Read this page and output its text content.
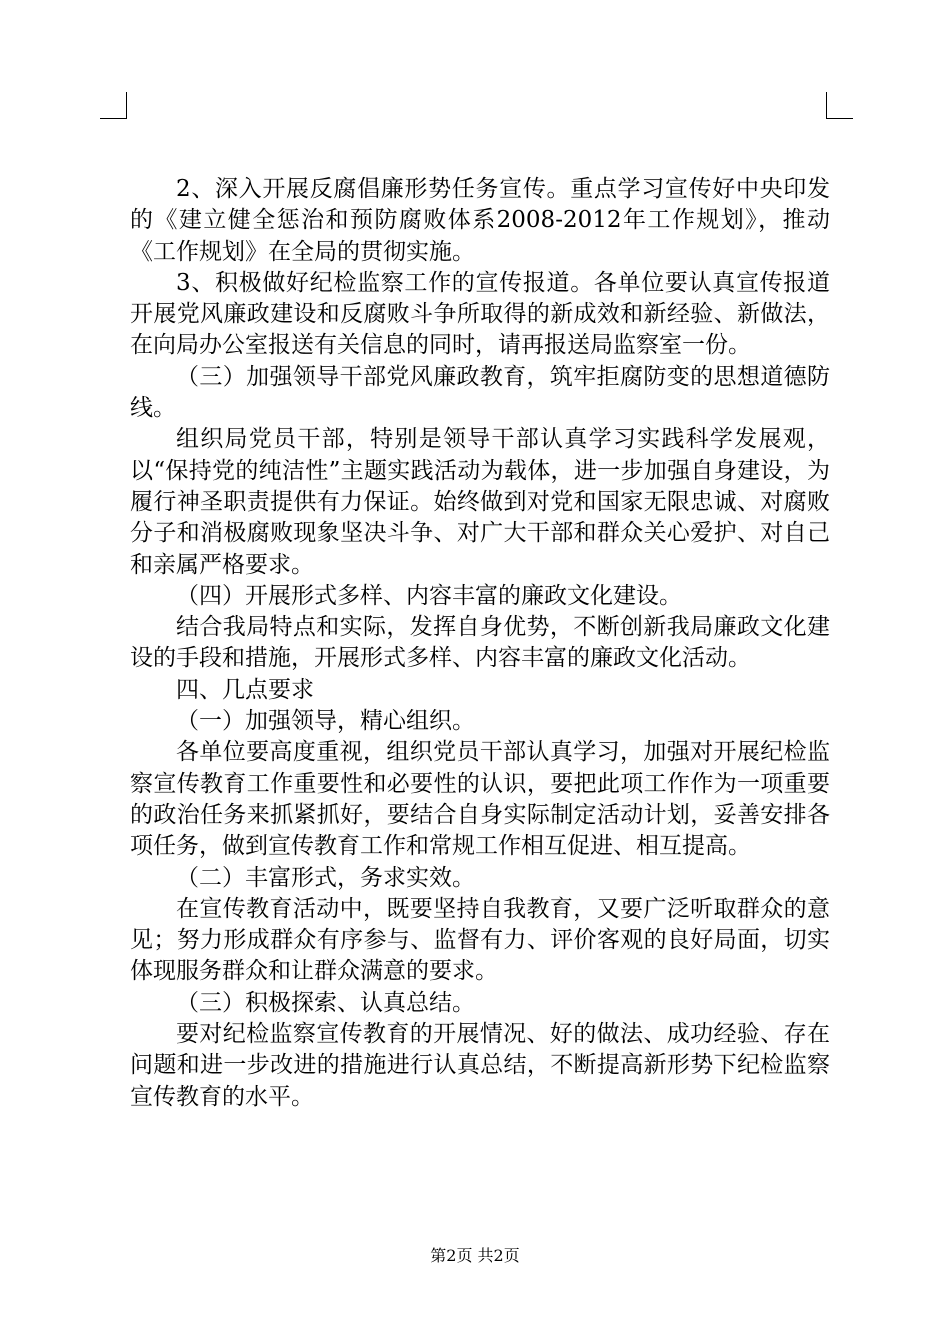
2、深入开展反腐倡廉形势任务宣传。重点学习宣传好中央印发的《建立健全惩治和预防腐败体系2008-2012年工作规划》，推动《工作规划》在全局的贯彻实施。

3、积极做好纪检监察工作的宣传报道。各单位要认真宣传报道开展党风廉政建设和反腐败斗争所取得的新成效和新经验、新做法，在向局办公室报送有关信息的同时，请再报送局监察室一份。

（三）加强领导干部党风廉政教育，筑牢拒腐防变的思想道德防线。

组织局党员干部，特别是领导干部认真学习实践科学发展观，以“保持党的纯洁性”主题实践活动为载体，进一步加强自身建设，为履行神圣职责提供有力保证。始终做到对党和国家无限忠诚、对腐败分子和消极腐败现象坚决斗争、对广大干部和群众关心爱护、对自己和亲属严格要求。

（四）开展形式多样、内容丰富的廉政文化建设。

结合我局特点和实际，发挥自身优势，不断创新我局廉政文化建设的手段和措施，开展形式多样、内容丰富的廉政文化活动。

四、几点要求

（一）加强领导，精心组织。

各单位要高度重视，组织党员干部认真学习，加强对开展纪检监察宣传教育工作重要性和必要性的认识，要把此项工作作为一项重要的政治任务来抓紧抓好，要结合自身实际制定活动计划，妥善安排各项任务，做到宣传教育工作和常规工作相互促进、相互提高。

（二）丰富形式，务求实效。

在宣传教育活动中，既要坚持自我教育，又要广泛听取群众的意见；努力形成群众有序参与、监督有力、评价客观的良好局面，切实体现服务群众和让群众满意的要求。

（三）积极探索、认真总结。

要对纪检监察宣传教育的开展情况、好的做法、成功经验、存在问题和进一步改进的措施进行认真总结，不断提高新形势下纪检监察宣传教育的水平。

第2页 共2页
